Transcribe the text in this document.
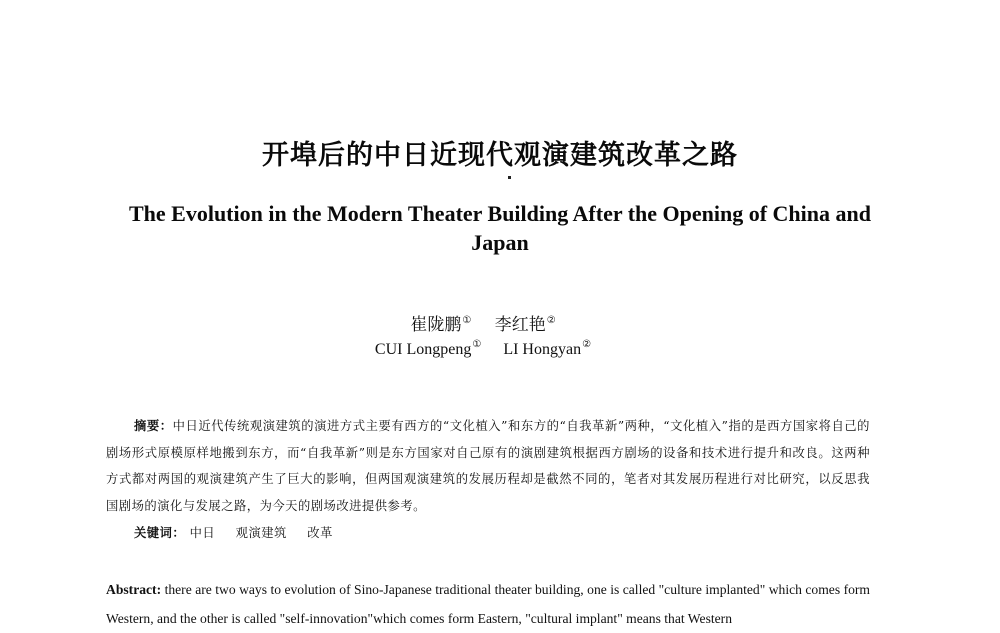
开埠后的中日近现代观演建筑改革之路
The Evolution in the Modern Theater Building After the Opening of China and Japan
崔陇鹏① 李红艳②
CUI Longpeng① LI Hongyan②
摘要：中日近代传统观演建筑的演进方式主要有西方的“文化植入”和东方的“自我革新”两种，“文化植入”指的是西方国家将自己的剧场形式原模原样地搬到东方，而“自我革新”则是东方国家对自己原有的演剧建筑根据西方剧场的设备和技术进行提升和改良。这两种方式都对两国的观演建筑产生了巨大的影响，但两国观演建筑的发展历程却是截然不同的，笔者对其发展历程进行对比研究，以反思我国剧场的演化与发展之路，为今天的剧场改进提供参考。
关键词： 中日 观演建筑 改革
Abstract: there are two ways to evolution of Sino-Japanese traditional theater building, one is called "culture implanted" which comes form Western, and the other is called "self-innovation"which comes form Eastern, "cultural implant" means that Western
